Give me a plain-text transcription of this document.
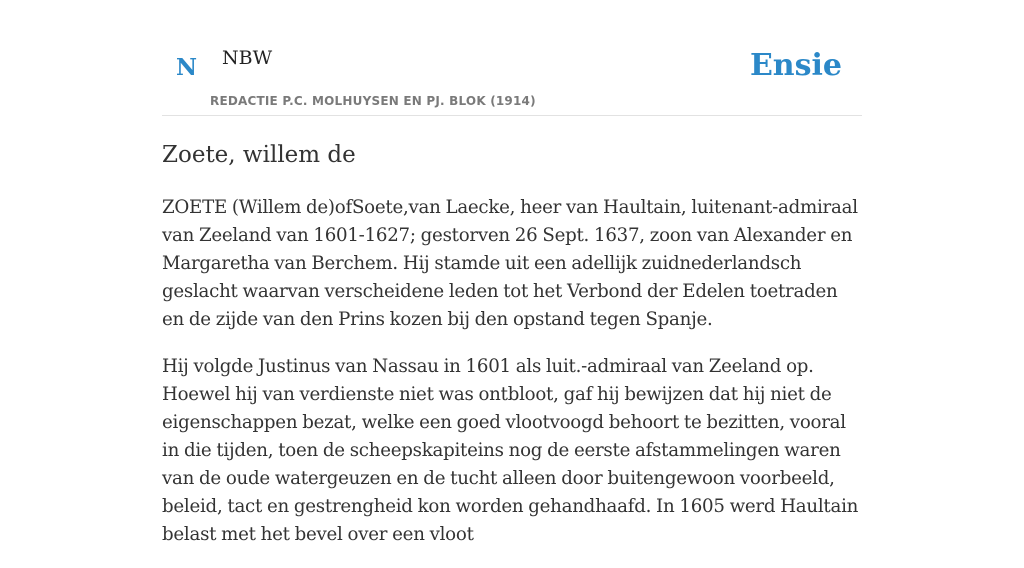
N NBW
REDACTIE P.C. MOLHUYSEN EN PJ. BLOK (1914)
Ensie
Zoete, willem de

ZOETE (Willem de)ofSoete,van Laecke, heer van Haultain, luitenant-admiraal van Zeeland van 1601-1627; gestorven 26 Sept. 1637, zoon van Alexander en Margaretha van Berchem. Hij stamde uit een adellijk zuidnederlandsch geslacht waarvan verscheidene leden tot het Verbond der Edelen toetraden en de zijde van den Prins kozen bij den opstand tegen Spanje.

Hij volgde Justinus van Nassau in 1601 als luit.-admiraal van Zeeland op. Hoewel hij van verdienste niet was ontbloot, gaf hij bewijzen dat hij niet de eigenschappen bezat, welke een goed vlootvoogd behoort te bezitten, vooral in die tijden, toen de scheepskapiteins nog de eerste afstammelingen waren van de oude watergeuzen en de tucht alleen door buitengewoon voorbeeld, beleid, tact en gestrengheid kon worden gehandhaafd. In 1605 werd Haultain belast met het bevel over een vloot
